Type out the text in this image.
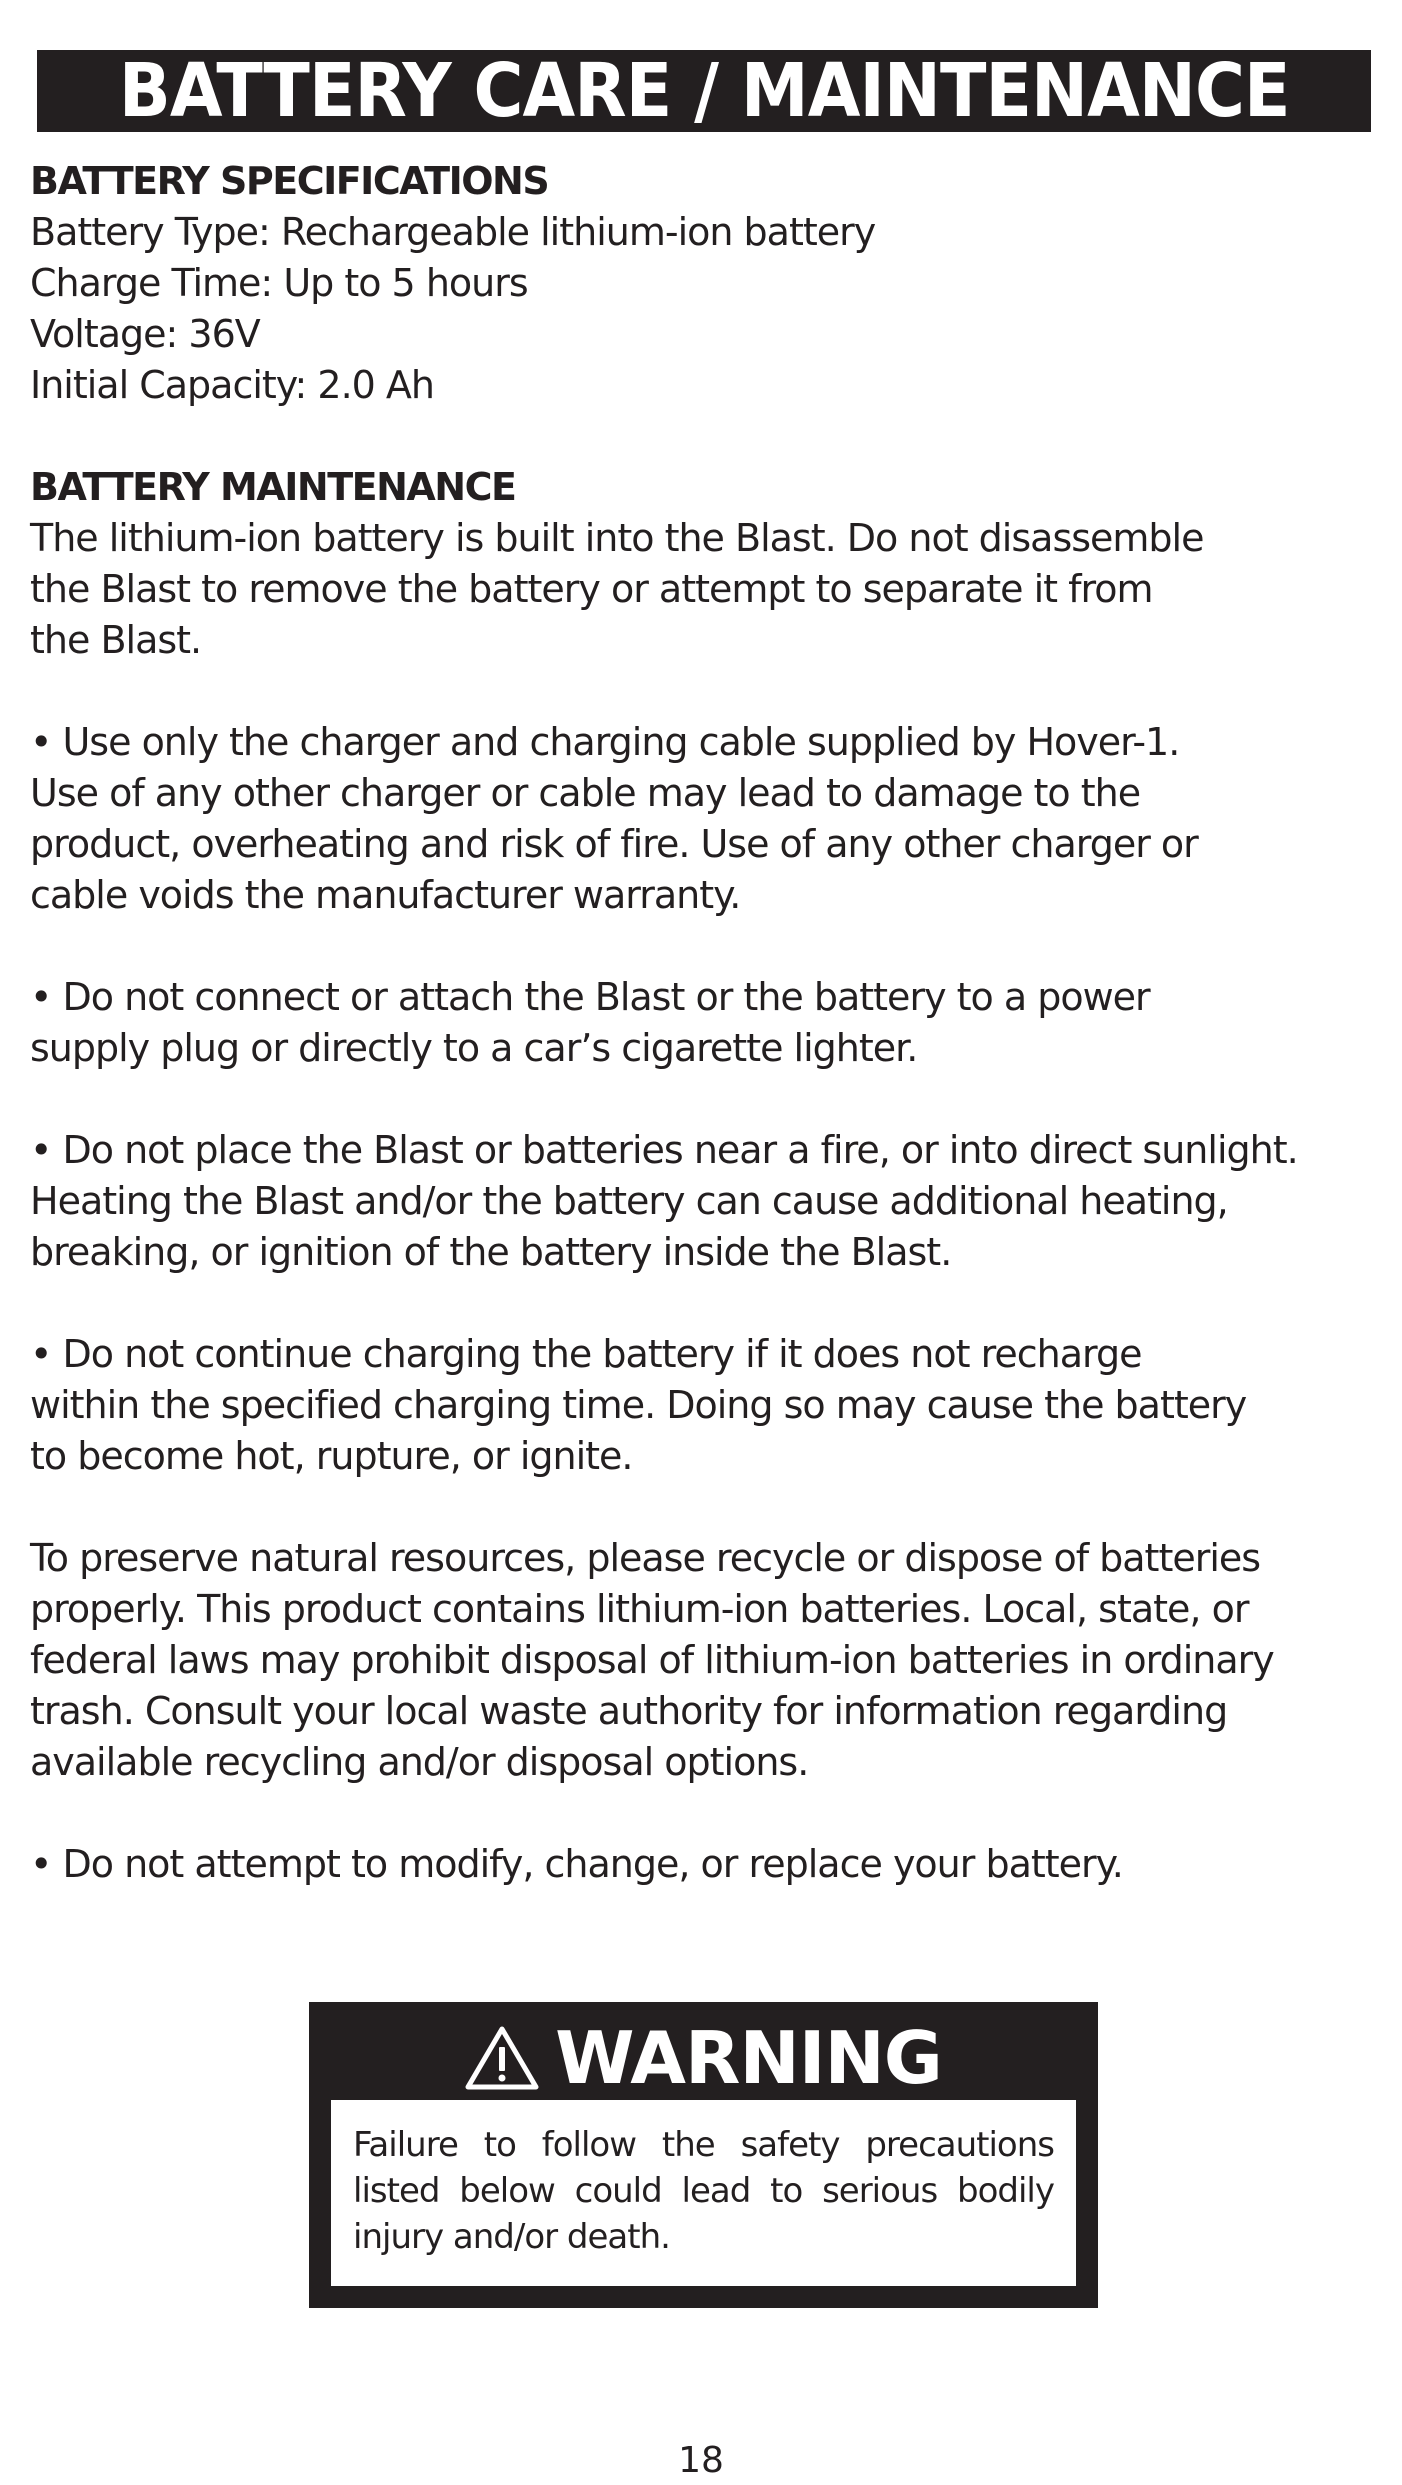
BATTERY CARE / MAINTENANCE

BATTERY SPECIFICATIONS

Battery Type: Rechargeable lithium-ion battery

Charge Time: Up to 5 hours

Voltage: 36V

Initial Capacity: 2.0 Ah

BATTERY MAINTENANCE

The lithium-ion battery is built into the Blast. Do not disassemble

the Blast to remove the battery or attempt to separate it from

the Blast.

• Use only the charger and charging cable supplied by Hover-1.

Use of any other charger or cable may lead to damage to the

product, overheating and risk of fire. Use of any other charger or

cable voids the manufacturer warranty.

• Do not connect or attach the Blast or the battery to a power

supply plug or directly to a car’s cigarette lighter.

• Do not place the Blast or batteries near a fire, or into direct sunlight.

Heating the Blast and/or the battery can cause additional heating,

breaking, or ignition of the battery inside the Blast.

• Do not continue charging the battery if it does not recharge

within the specified charging time. Doing so may cause the battery

to become hot, rupture, or ignite.

To preserve natural resources, please recycle or dispose of batteries

properly. This product contains lithium-ion batteries. Local, state, or

federal laws may prohibit disposal of lithium-ion batteries in ordinary

trash. Consult your local waste authority for information regarding

available recycling and/or disposal options.

• Do not attempt to modify, change, or replace your battery.

WARNING

Failure to follow the safety precautions listed below could lead to serious bodily injury and/or death.

18
